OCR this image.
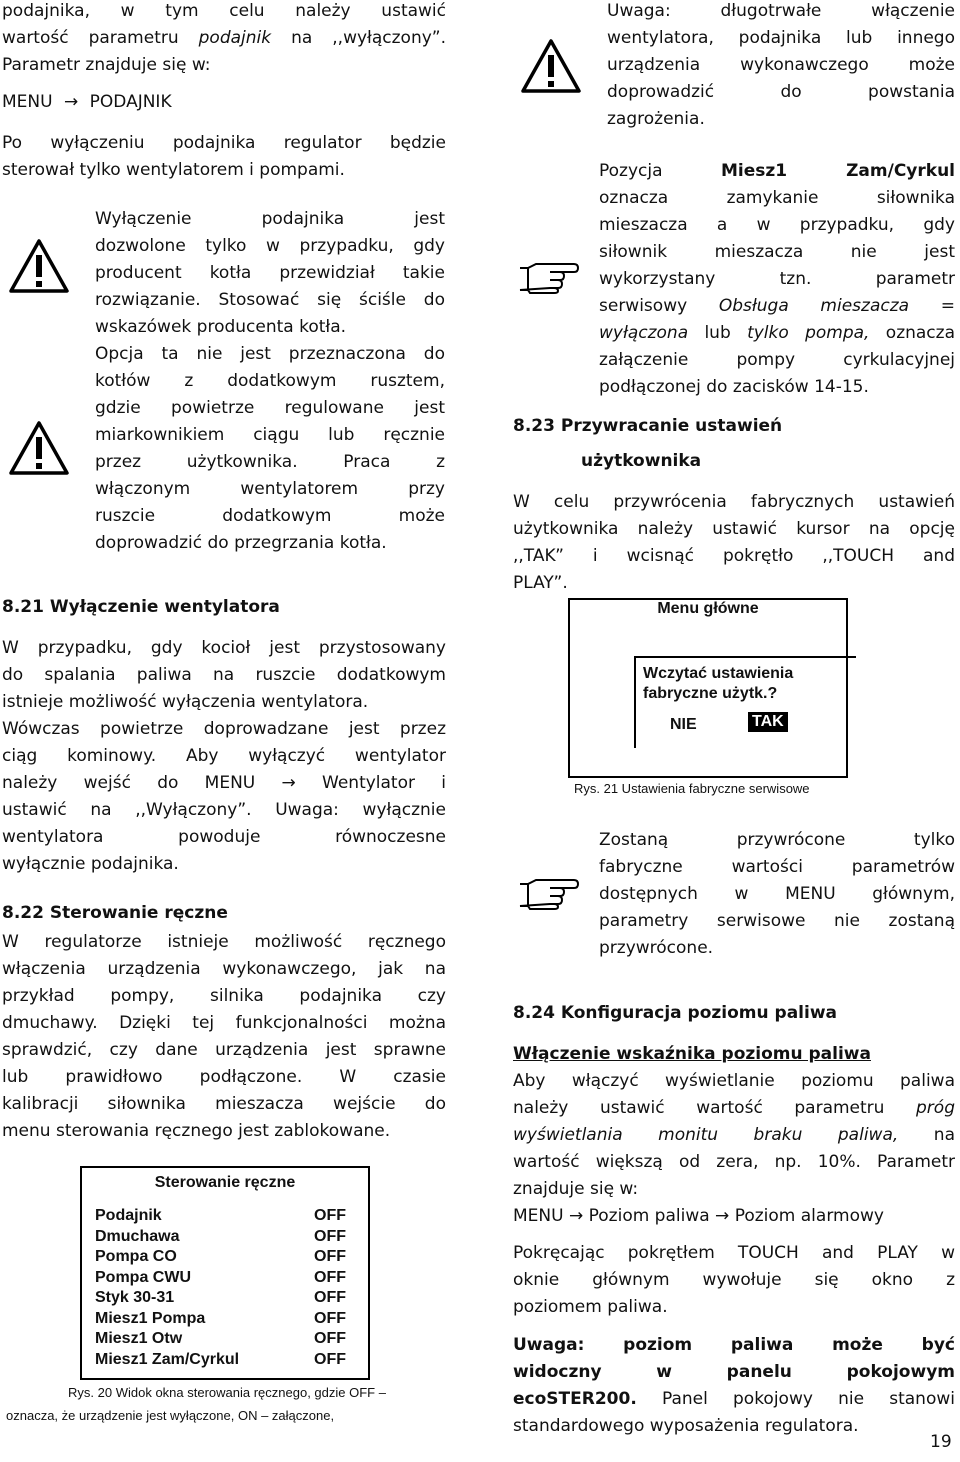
podajnika, w tym celu należy ustawić
wartość parametru podajnik na ,,wyłączony”.
Parametr znajduje się w:
MENU → PODAJNIK
Po wyłączeniu podajnika regulator będzie
sterował tylko wentylatorem i pompami.
Wyłączenie podajnika jest
dozwolone tylko w przypadku, gdy
producent kotła przewidział takie
rozwiązanie. Stosować się ściśle do
wskazówek producenta kotła.
Opcja ta nie jest przeznaczona do
kotłów z dodatkowym rusztem,
gdzie powietrze regulowane jest
miarkownikiem ciągu lub ręcznie
przez użytkownika. Praca z
włączonym wentylatorem przy
ruszcie dodatkowym może
doprowadzić do przegrzania kotła.
8.21 Wyłączenie wentylatora
W przypadku, gdy kocioł jest przystosowany
do spalania paliwa na ruszcie dodatkowym
istnieje możliwość wyłączenia wentylatora.
Wówczas powietrze doprowadzane jest przez
ciąg kominowy. Aby wyłączyć wentylator
należy wejść do MENU → Wentylator i
ustawić na ,,Wyłączony”. Uwaga: wyłącznie
wentylatora powoduje równoczesne
wyłącznie podajnika.
8.22 Sterowanie ręczne
W regulatorze istnieje możliwość ręcznego
włączenia urządzenia wykonawczego, jak na
przykład pompy, silnika podajnika czy
dmuchawy. Dzięki tej funkcjonalności można
sprawdzić, czy dane urządzenia jest sprawne
lub prawidłowo podłączone. W czasie
kalibracji siłownika mieszacza wejście do
menu sterowania ręcznego jest zablokowane.
Sterowanie ręczne
Podajnik	OFF
Dmuchawa	OFF
Pompa CO	OFF
Pompa CWU	OFF
Styk 30-31	OFF
Miesz1 Pompa	OFF
Miesz1 Otw	OFF
Miesz1 Zam/Cyrkul	OFF
Rys. 20 Widok okna sterowania ręcznego, gdzie OFF –
oznacza, że urządzenie jest wyłączone, ON – załączone,
Uwaga: długotrwałe włączenie
wentylatora, podajnika lub innego
urządzenia wykonawczego może
doprowadzić do powstania
zagrożenia.
Pozycja Miesz1 Zam/Cyrkul
oznacza zamykanie siłownika
mieszacza a w przypadku, gdy
siłownik mieszacza nie jest
wykorzystany tzn. parametr
serwisowy Obsługa mieszacza =
wyłączona lub tylko pompa, oznacza
załączenie pompy cyrkulacyjnej
podłączonej do zacisków 14-15.
8.23 Przywracanie ustawień
użytkownika
W celu przywrócenia fabrycznych ustawień
użytkownika należy ustawić kursor na opcję
,,TAK” i wcisnąć pokrętło ,,TOUCH and
PLAY”.
Menu główne
Wczytać ustawienia
fabryczne użytk.?
NIE	TAK
Rys. 21 Ustawienia fabryczne serwisowe
Zostaną przywrócone tylko
fabryczne wartości parametrów
dostępnych w MENU głównym,
parametry serwisowe nie zostaną
przywrócone.
8.24 Konfiguracja poziomu paliwa
Włączenie wskaźnika poziomu paliwa
Aby włączyć wyświetlanie poziomu paliwa
należy ustawić wartość parametru próg
wyświetlania monitu braku paliwa, na
wartość większą od zera, np. 10%. Parametr
znajduje się w:
MENU → Poziom paliwa → Poziom alarmowy
Pokręcając pokrętłem TOUCH and PLAY w
oknie głównym wywołuje się okno z
poziomem paliwa.
Uwaga: poziom paliwa może być
widoczny w panelu pokojowym
ecoSTER200. Panel pokojowy nie stanowi
standardowego wyposażenia regulatora.
19
